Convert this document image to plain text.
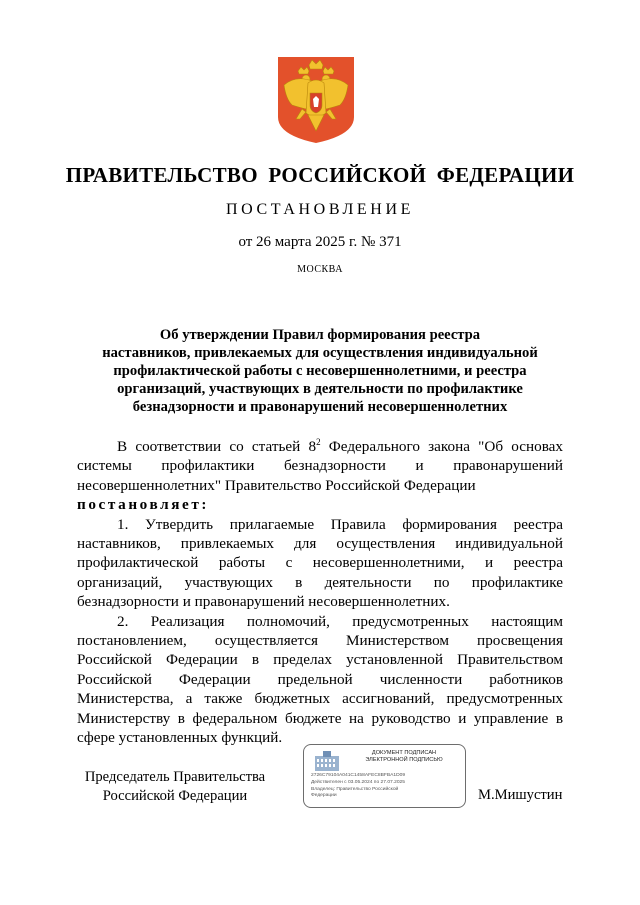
ПРАВИТЕЛЬСТВО РОССИЙСКОЙ ФЕДЕРАЦИИ
ПОСТАНОВЛЕНИЕ
от 26 марта 2025 г. № 371
МОСКВА
Об утверждении Правил формирования реестра
наставников, привлекаемых для осуществления индивидуальной
профилактической работы с несовершеннолетними, и реестра
организаций, участвующих в деятельности по профилактике
безнадзорности и правонарушений несовершеннолетних

В соответствии со статьей $8^2$ Федерального закона "Об основах системы профилактики безнадзорности и правонарушений несовершеннолетних" Правительство Российской Федерации

постановляет:

1. Утвердить прилагаемые Правила формирования реестра наставников, привлекаемых для осуществления индивидуальной профилактической работы с несовершеннолетними, и реестра организаций, участвующих в деятельности по профилактике безнадзорности и правонарушений несовершеннолетних.

2. Реализация полномочий, предусмотренных настоящим постановлением, осуществляется Министерством просвещения Российской Федерации в пределах установленной Правительством Российской Федерации предельной численности работников Министерства, а также бюджетных ассигнований, предусмотренных Министерству в федеральном бюджете на руководство и управление в сфере установленных функций.

Председатель Правительства
Российской Федерации
ДОКУМЕНТ ПОДПИСАН
ЭЛЕКТРОННОЙ ПОДПИСЬЮ
2726C79104A041C1458AFEC8BFBA1D09
Действителен с 03.05.2024 по 27.07.2025
Владелец: Правительство Российской
Федерации	М.Мишустин
